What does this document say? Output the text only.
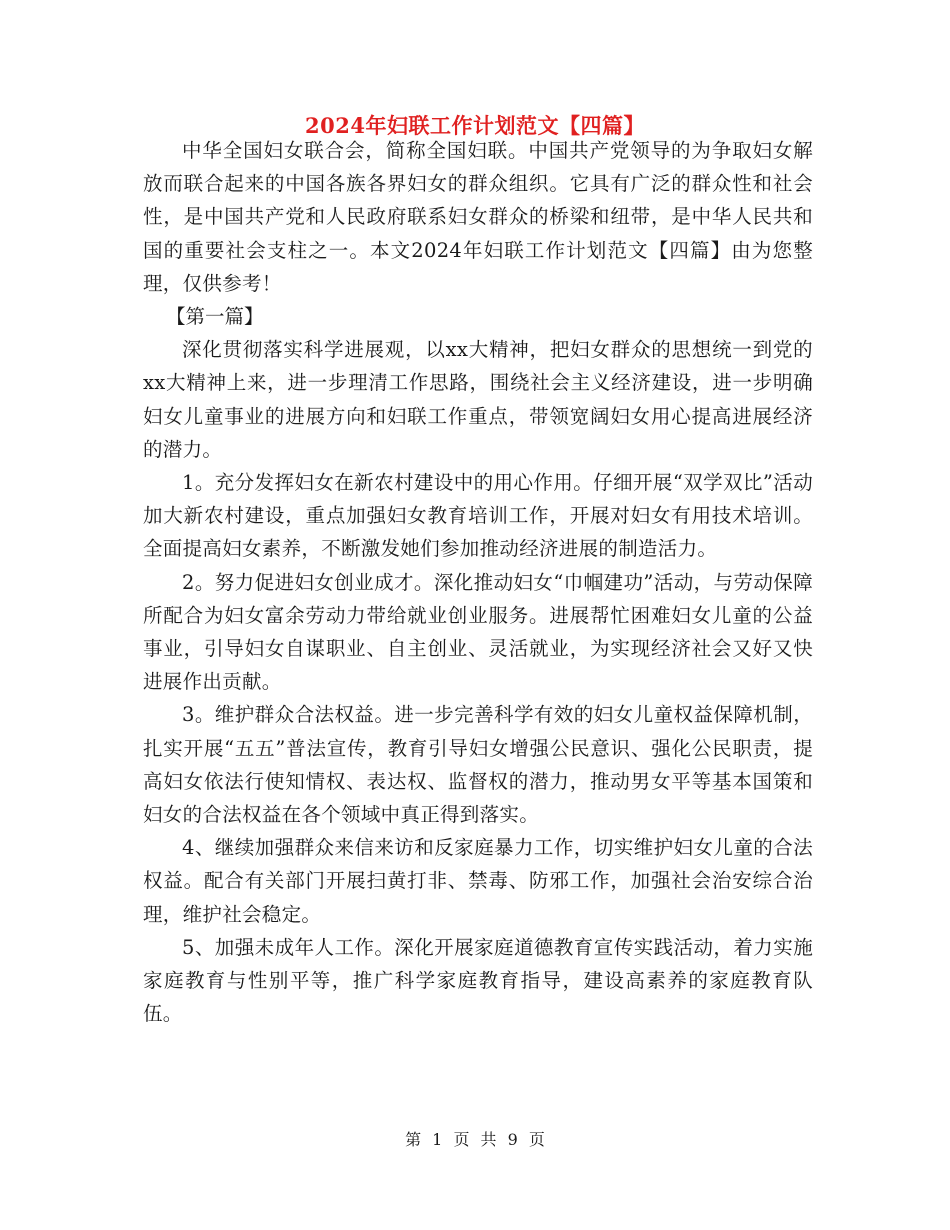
2024年妇联工作计划范文【四篇】

中华全国妇女联合会，简称全国妇联。中国共产党领导的为争取妇女解放而联合起来的中国各族各界妇女的群众组织。它具有广泛的群众性和社会性，是中国共产党和人民政府联系妇女群众的桥梁和纽带，是中华人民共和国的重要社会支柱之一。本文2024年妇联工作计划范文【四篇】由为您整理，仅供参考！

【第一篇】

深化贯彻落实科学进展观，以xx大精神，把妇女群众的思想统一到党的xx大精神上来，进一步理清工作思路，围绕社会主义经济建设，进一步明确妇女儿童事业的进展方向和妇联工作重点，带领宽阔妇女用心提高进展经济的潜力。

1。充分发挥妇女在新农村建设中的用心作用。仔细开展“双学双比”活动加大新农村建设，重点加强妇女教育培训工作，开展对妇女有用技术培训。全面提高妇女素养，不断激发她们参加推动经济进展的制造活力。

2。努力促进妇女创业成才。深化推动妇女“巾帼建功”活动，与劳动保障所配合为妇女富余劳动力带给就业创业服务。进展帮忙困难妇女儿童的公益事业，引导妇女自谋职业、自主创业、灵活就业，为实现经济社会又好又快进展作出贡献。

3。维护群众合法权益。进一步完善科学有效的妇女儿童权益保障机制，扎实开展“五五”普法宣传，教育引导妇女增强公民意识、强化公民职责，提高妇女依法行使知情权、表达权、监督权的潜力，推动男女平等基本国策和妇女的合法权益在各个领域中真正得到落实。

4、继续加强群众来信来访和反家庭暴力工作，切实维护妇女儿童的合法权益。配合有关部门开展扫黄打非、禁毒、防邪工作，加强社会治安综合治理，维护社会稳定。

5、加强未成年人工作。深化开展家庭道德教育宣传实践活动，着力实施家庭教育与性别平等，推广科学家庭教育指导，建设高素养的家庭教育队伍。

第 1 页 共 9 页
